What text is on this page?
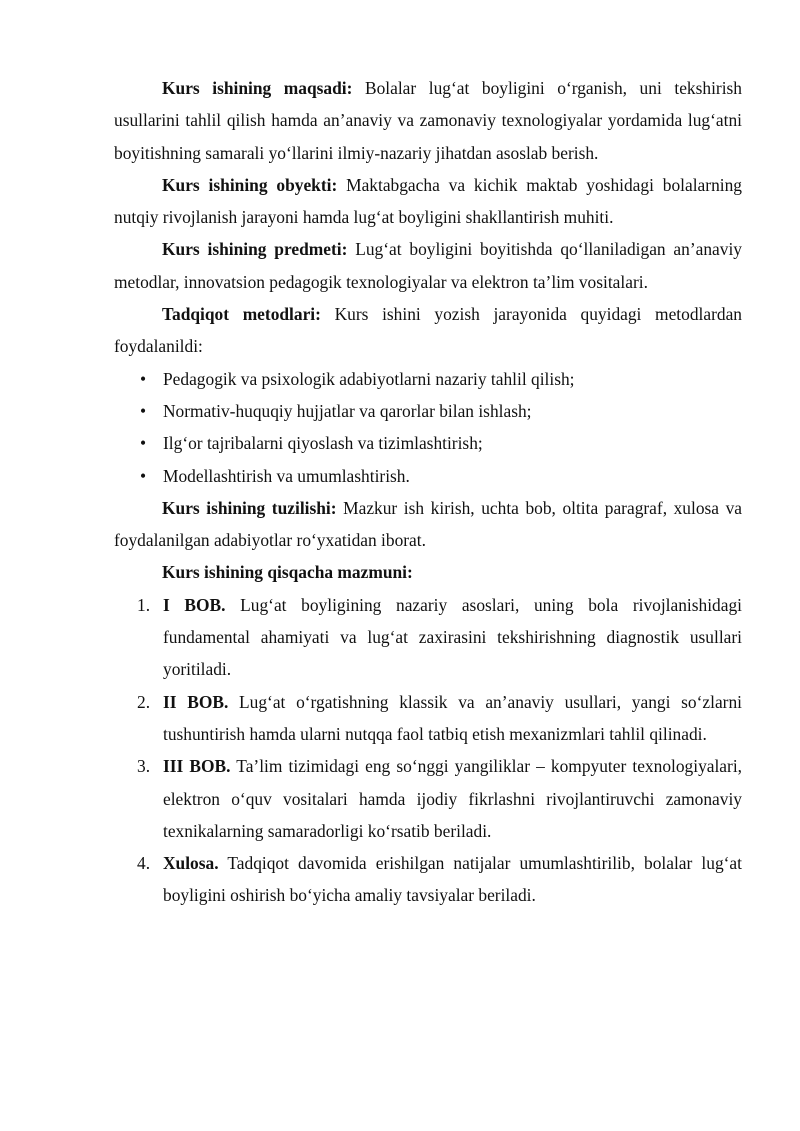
Kurs ishining maqsadi: Bolalar lug‘at boyligini o‘rganish, uni tekshirish usullarini tahlil qilish hamda an’anaviy va zamonaviy texnologiyalar yordamida lug‘atni boyitishning samarali yo‘llarini ilmiy-nazariy jihatdan asoslab berish.

Kurs ishining obyekti: Maktabgacha va kichik maktab yoshidagi bolalarning nutqiy rivojlanish jarayoni hamda lug‘at boyligini shakllantirish muhiti.

Kurs ishining predmeti: Lug‘at boyligini boyitishda qo‘llaniladigan an’anaviy metodlar, innovatsion pedagogik texnologiyalar va elektron ta’lim vositalari.

Tadqiqot metodlari: Kurs ishini yozish jarayonida quyidagi metodlardan foydalanildi:

• Pedagogik va psixologik adabiyotlarni nazariy tahlil qilish;
• Normativ-huquqiy hujjatlar va qarorlar bilan ishlash;
• Ilg‘or tajribalarni qiyoslash va tizimlashtirish;
• Modellashtirish va umumlashtirish.

Kurs ishining tuzilishi: Mazkur ish kirish, uchta bob, oltita paragraf, xulosa va foydalanilgan adabiyotlar ro‘yxatidan iborat.

Kurs ishining qisqacha mazmuni:

1. I BOB. Lug‘at boyligining nazariy asoslari, uning bola rivojlanishidagi fundamental ahamiyati va lug‘at zaxirasini tekshirishning diagnostik usullari yoritiladi.
2. II BOB. Lug‘at o‘rgatishning klassik va an’anaviy usullari, yangi so‘zlarni tushuntirish hamda ularni nutqqa faol tatbiq etish mexanizmlari tahlil qilinadi.
3. III BOB. Ta’lim tizimidagi eng so‘nggi yangiliklar – kompyuter texnologiyalari, elektron o‘quv vositalari hamda ijodiy fikrlashni rivojlantiruvchi zamonaviy texnikalarning samaradorligi ko‘rsatib beriladi.
4. Xulosa. Tadqiqot davomida erishilgan natijalar umumlashtirilib, bolalar lug‘at boyligini oshirish bo‘yicha amaliy tavsiyalar beriladi.
